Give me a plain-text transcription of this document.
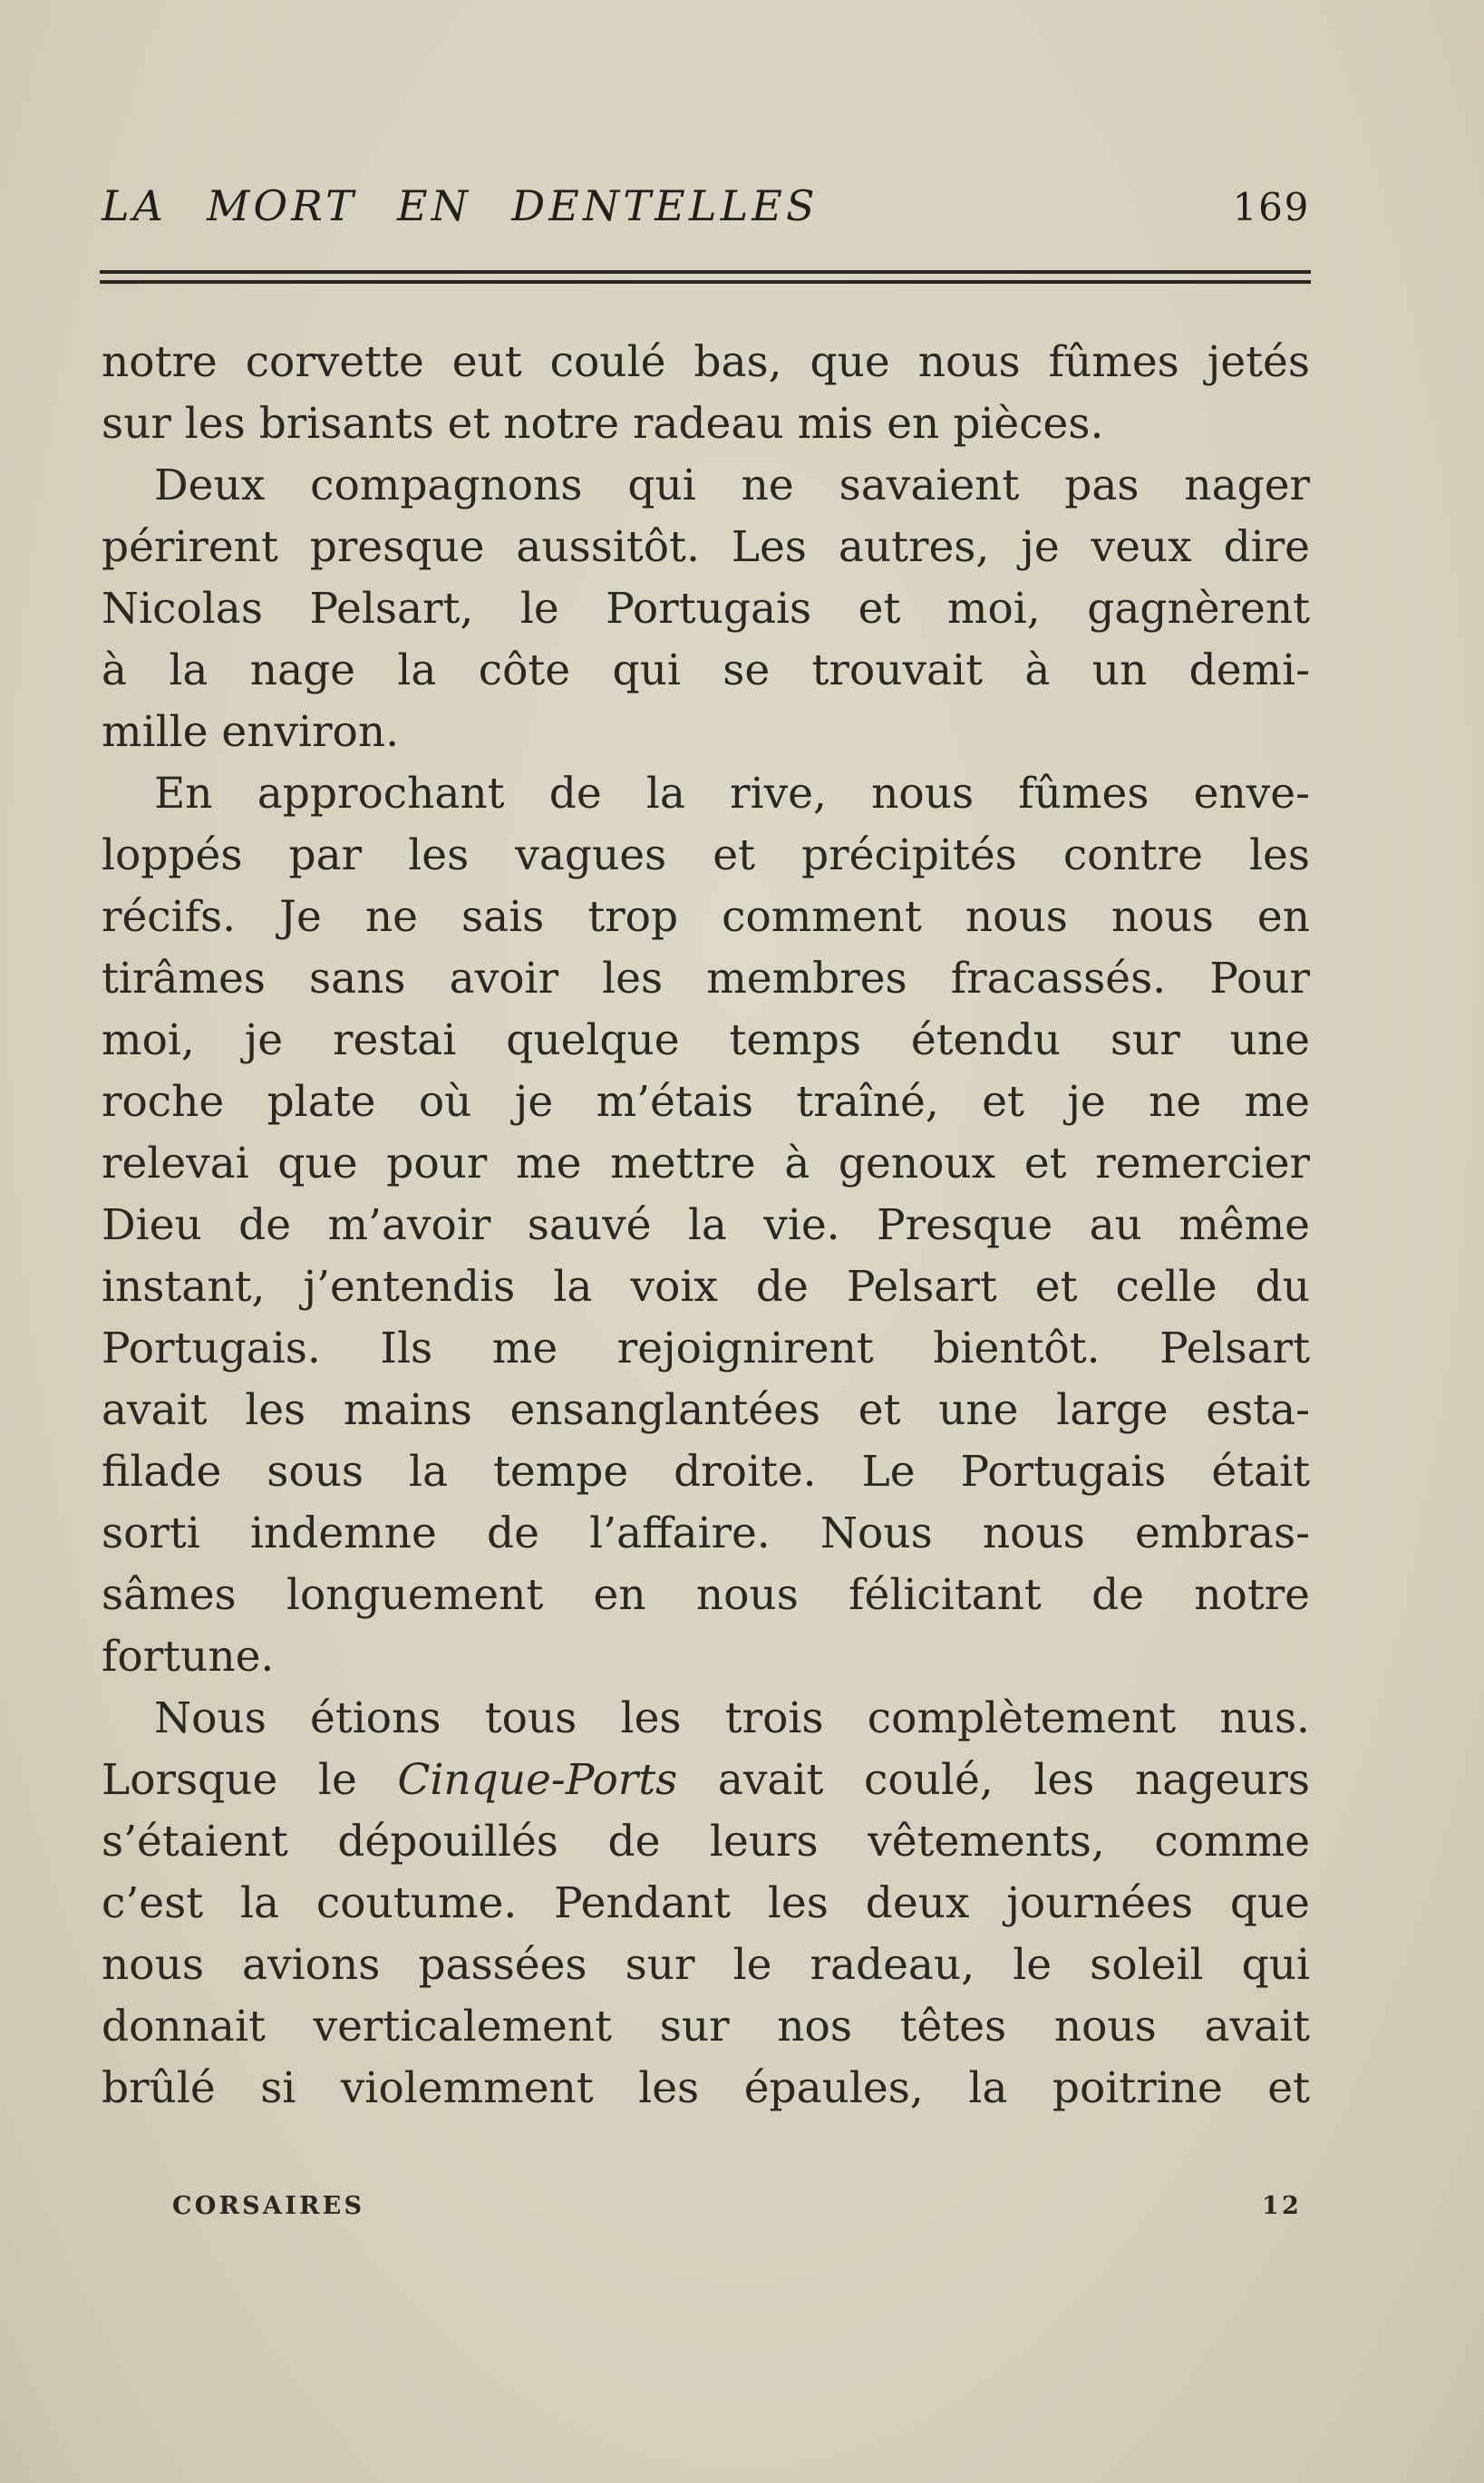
LA MORT EN DENTELLES	169
notre corvette eut coulé bas, que nous fûmes jetés
sur les brisants et notre radeau mis en pièces.
Deux compagnons qui ne savaient pas nager
périrent presque aussitôt. Les autres, je veux dire
Nicolas Pelsart, le Portugais et moi, gagnèrent
à la nage la côte qui se trouvait à un demi-
mille environ.
En approchant de la rive, nous fûmes enve-
loppés par les vagues et précipités contre les
récifs. Je ne sais trop comment nous nous en
tirâmes sans avoir les membres fracassés. Pour
moi, je restai quelque temps étendu sur une
roche plate où je m’étais traîné, et je ne me
relevai que pour me mettre à genoux et remercier
Dieu de m’avoir sauvé la vie. Presque au même
instant, j’entendis la voix de Pelsart et celle du
Portugais. Ils me rejoignirent bientôt. Pelsart
avait les mains ensanglantées et une large esta-
filade sous la tempe droite. Le Portugais était
sorti indemne de l’affaire. Nous nous embras-
sâmes longuement en nous félicitant de notre
fortune.
Nous étions tous les trois complètement nus.
Lorsque le Cinque-Ports avait coulé, les nageurs
s’étaient dépouillés de leurs vêtements, comme
c’est la coutume. Pendant les deux journées que
nous avions passées sur le radeau, le soleil qui
donnait verticalement sur nos têtes nous avait
brûlé si violemment les épaules, la poitrine et
CORSAIRES	12
